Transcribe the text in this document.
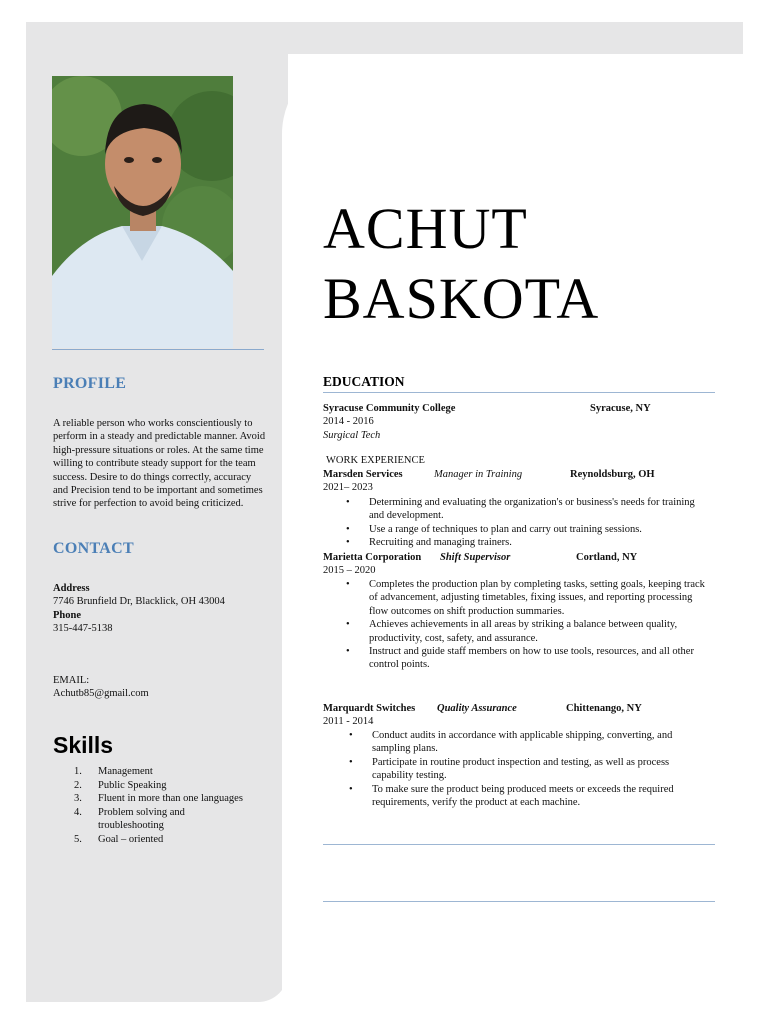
PROFILE
A reliable person who works conscientiously to perform in a steady and predictable manner. Avoid high-pressure situations or roles. At the same time willing to contribute steady support for the team success. Desire to do things correctly, accuracy and Precision tend to be important and sometimes strive for perfection to avoid being criticized.
CONTACT
Address
7746 Brunfield Dr, Blacklick, OH 43004
Phone
315-447-5138
EMAIL:
Achutb85@gmail.com
Skills
1.	Management
2.	Public Speaking
3.	Fluent in more than one languages
4.	Problem solving and troubleshooting
5.	Goal – oriented
ACHUT
BASKOTA
EDUCATION
Syracuse Community College	Syracuse, NY
2014 - 2016
Surgical Tech
WORK EXPERIENCE
Marsden Services	Manager in Training	Reynoldsburg, OH
2021– 2023
• Determining and evaluating the organization's or business's needs for training and development.
• Use a range of techniques to plan and carry out training sessions.
• Recruiting and managing trainers.
Marietta Corporation Shift Supervisor	Cortland, NY
2015 – 2020
• Completes the production plan by completing tasks, setting goals, keeping track of advancement, adjusting timetables, fixing issues, and reporting processing flow outcomes on shift production summaries.
• Achieves achievements in all areas by striking a balance between quality, productivity, cost, safety, and assurance.
• Instruct and guide staff members on how to use tools, resources, and all other control points.
Marquardt Switches Quality Assurance	Chittenango, NY
2011 - 2014
• Conduct audits in accordance with applicable shipping, converting, and sampling plans.
• Participate in routine product inspection and testing, as well as process capability testing.
• To make sure the product being produced meets or exceeds the required requirements, verify the product at each machine.
